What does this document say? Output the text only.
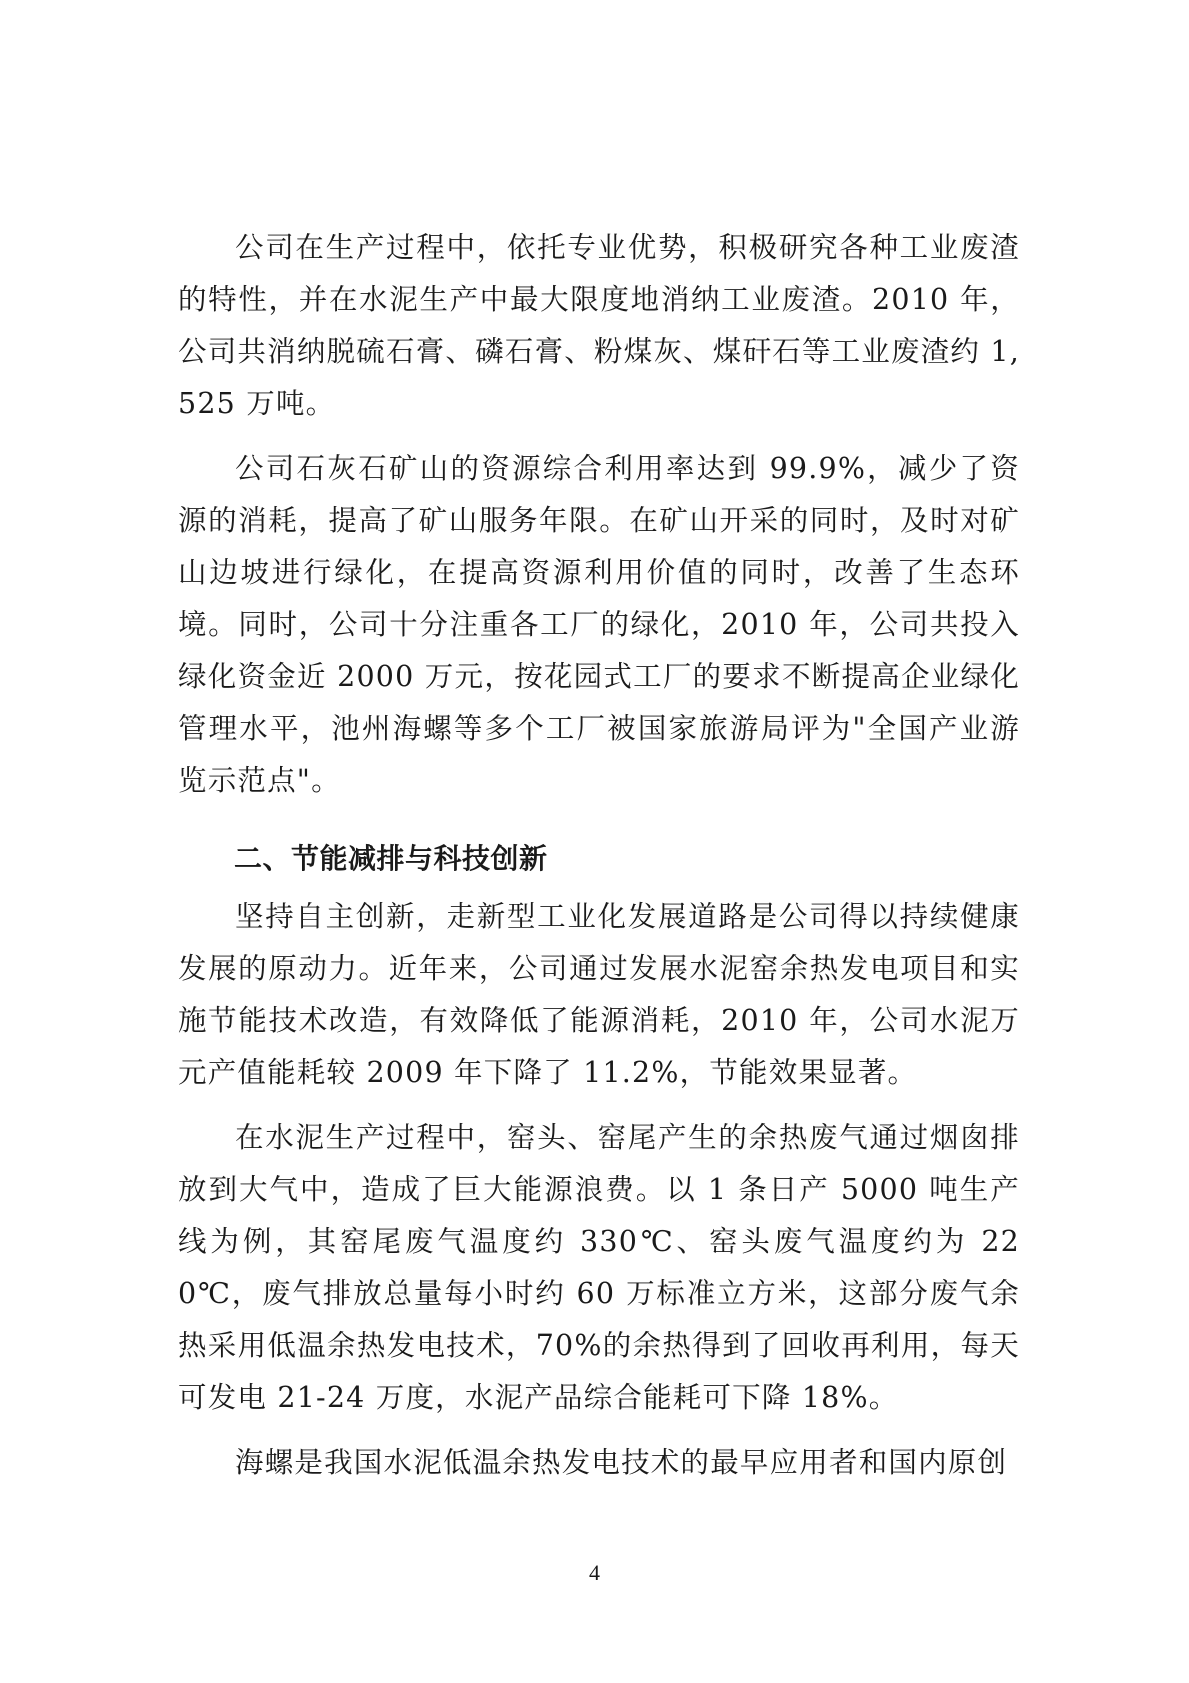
公司在生产过程中，依托专业优势，积极研究各种工业废渣的特性，并在水泥生产中最大限度地消纳工业废渣。2010 年，公司共消纳脱硫石膏、磷石膏、粉煤灰、煤矸石等工业废渣约 1,525 万吨。

公司石灰石矿山的资源综合利用率达到 99.9%，减少了资源的消耗，提高了矿山服务年限。在矿山开采的同时，及时对矿山边坡进行绿化，在提高资源利用价值的同时，改善了生态环境。同时，公司十分注重各工厂的绿化，2010 年，公司共投入绿化资金近 2000 万元，按花园式工厂的要求不断提高企业绿化管理水平，池州海螺等多个工厂被国家旅游局评为"全国产业游览示范点"。

二、节能减排与科技创新

坚持自主创新，走新型工业化发展道路是公司得以持续健康发展的原动力。近年来，公司通过发展水泥窑余热发电项目和实施节能技术改造，有效降低了能源消耗，2010 年，公司水泥万元产值能耗较 2009 年下降了 11.2%，节能效果显著。

在水泥生产过程中，窑头、窑尾产生的余热废气通过烟囱排放到大气中，造成了巨大能源浪费。以 1 条日产 5000 吨生产线为例，其窑尾废气温度约 330℃、窑头废气温度约为 220℃，废气排放总量每小时约 60 万标准立方米，这部分废气余热采用低温余热发电技术，70%的余热得到了回收再利用，每天可发电 21-24 万度，水泥产品综合能耗可下降 18%。

海螺是我国水泥低温余热发电技术的最早应用者和国内原创

4
